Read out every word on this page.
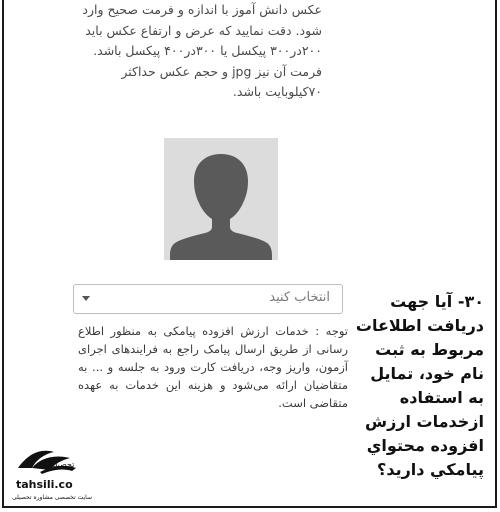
عکس دانش آموز با اندازه و فرمت صحیح وارد

شود. دقت نمایید که عرض و ارتفاع عکس باید

۲۰۰در۳۰۰ پیکسل یا ۳۰۰در۴۰۰ پیکسل باشد.

فرمت آن نیز jpg و حجم عکس حداکثر

۷۰کیلوبایت باشد.

انتخاب کنید
توجه : خدمات ارزش افزوده پیامکی به منظور اطلاع رسانی از طریق ارسال پیامک راجع به فرایندهای اجرای آزمون، واریز وجه، دریافت کارت ورود به جلسه و ... به متقاضیان ارائه می‌شود و هزینه این خدمات به عهده متقاضی است.
۳۰- آیا جهت دریافت اطلاعات مربوط به ثبت نام خود، تمایل به استفاده ازخدمات ارزش افزوده محتواي پيامكي داريد؟
تحصیلیکو
tahsili.co
سایت تخصصی مشاوره تحصیلی
